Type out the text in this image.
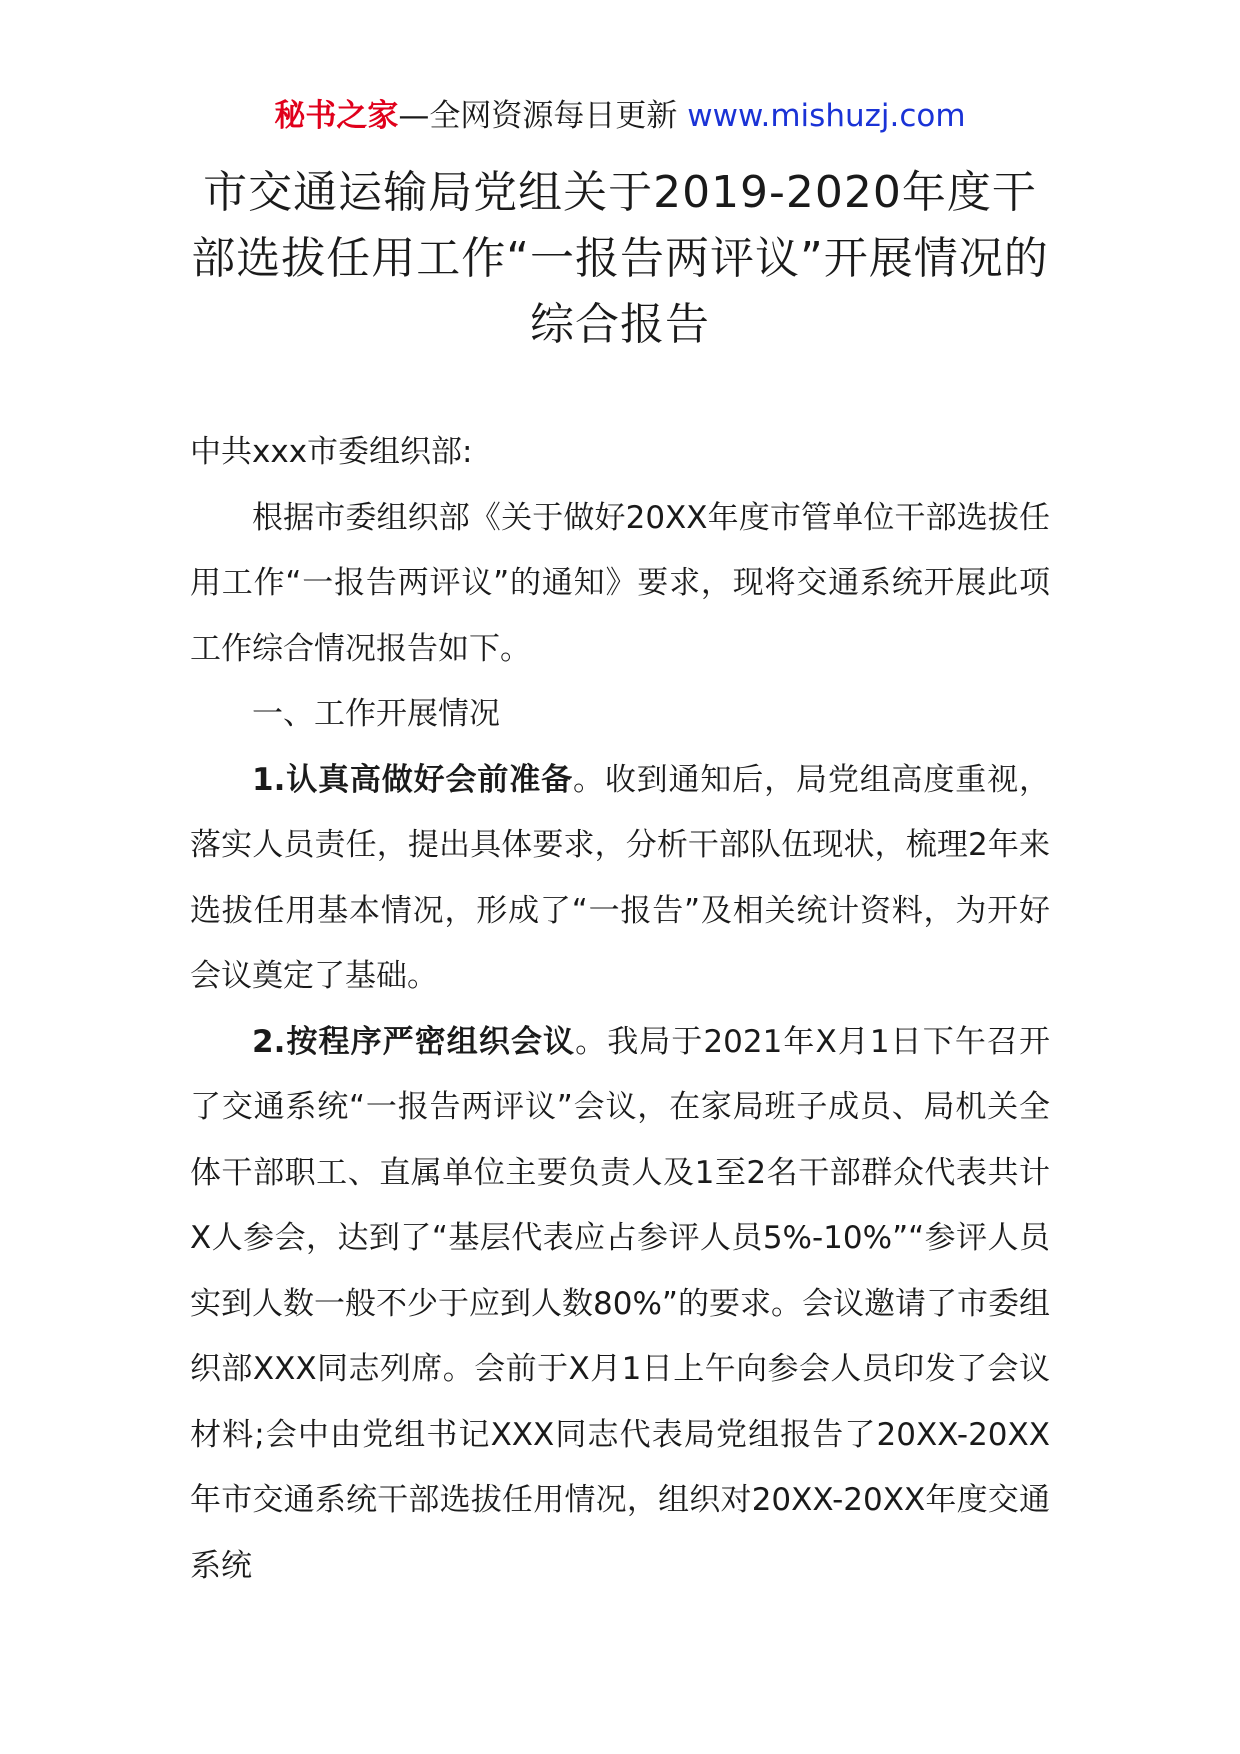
秘书之家—全网资源每日更新 www.mishuzj.com
市交通运输局党组关于2019-2020年度干部选拔任用工作“一报告两评议”开展情况的综合报告

中共xxx市委组织部:

根据市委组织部《关于做好20XX年度市管单位干部选拔任用工作“一报告两评议”的通知》要求，现将交通系统开展此项工作综合情况报告如下。

一、工作开展情况

1.认真高做好会前准备。收到通知后，局党组高度重视，落实人员责任，提出具体要求，分析干部队伍现状，梳理2年来选拔任用基本情况，形成了“一报告”及相关统计资料，为开好会议奠定了基础。

2.按程序严密组织会议。我局于2021年X月1日下午召开了交通系统“一报告两评议”会议，在家局班子成员、局机关全体干部职工、直属单位主要负责人及1至2名干部群众代表共计X人参会，达到了“基层代表应占参评人员5%-10%”“参评人员实到人数一般不少于应到人数80%”的要求。会议邀请了市委组织部XXX同志列席。会前于X月1日上午向参会人员印发了会议材料;会中由党组书记XXX同志代表局党组报告了20XX-20XX年市交通系统干部选拔任用情况，组织对20XX-20XX年度交通系统
